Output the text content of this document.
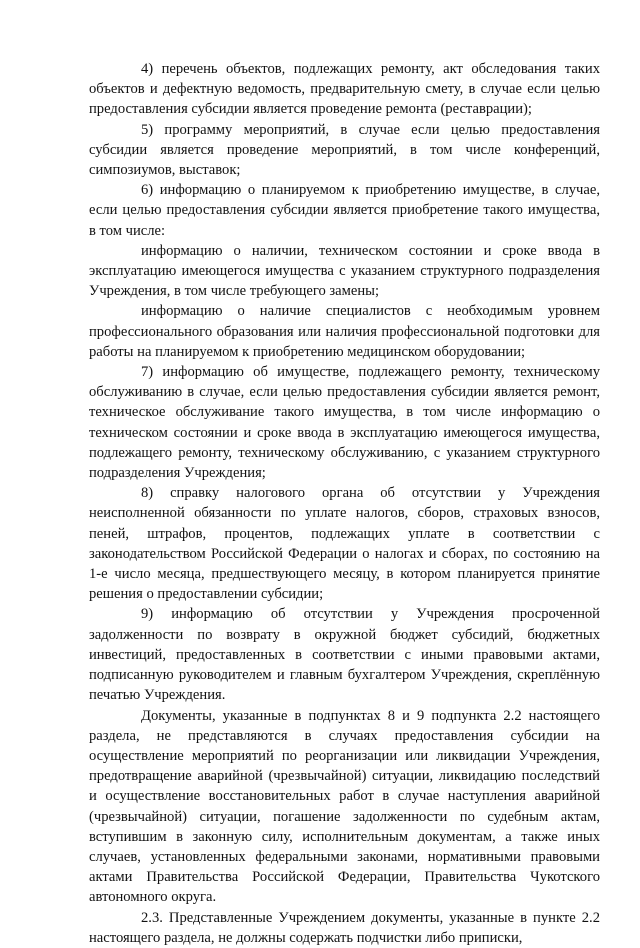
4) перечень объектов, подлежащих ремонту, акт обследования таких объектов и дефектную ведомость, предварительную смету, в случае если целью предоставления субсидии является проведение ремонта (реставрации);

5) программу мероприятий, в случае если целью предоставления субсидии является проведение мероприятий, в том числе конференций, симпозиумов, выставок;

6) информацию о планируемом к приобретению имуществе, в случае, если целью предоставления субсидии является приобретение такого имущества, в том числе:

информацию о наличии, техническом состоянии и сроке ввода в эксплуатацию имеющегося имущества с указанием структурного подразделения Учреждения, в том числе требующего замены;

информацию о наличие специалистов с необходимым уровнем профессионального образования или наличия профессиональной подготовки для работы на планируемом к приобретению медицинском оборудовании;

7) информацию об имуществе, подлежащего ремонту, техническому обслуживанию в случае, если целью предоставления субсидии является ремонт, техническое обслуживание такого имущества, в том числе информацию о техническом состоянии и сроке ввода в эксплуатацию имеющегося имущества, подлежащего ремонту, техническому обслуживанию, с указанием структурного подразделения Учреждения;

8) справку налогового органа об отсутствии у Учреждения неисполненной обязанности по уплате налогов, сборов, страховых взносов, пеней, штрафов, процентов, подлежащих уплате в соответствии с законодательством Российской Федерации о налогах и сборах, по состоянию на 1-е число месяца, предшествующего месяцу, в котором планируется принятие решения о предоставлении субсидии;

9) информацию об отсутствии у Учреждения просроченной задолженности по возврату в окружной бюджет субсидий, бюджетных инвестиций, предоставленных в соответствии с иными правовыми актами, подписанную руководителем и главным бухгалтером Учреждения, скреплённую печатью Учреждения.

Документы, указанные в подпунктах 8 и 9 подпункта 2.2 настоящего раздела, не представляются в случаях предоставления субсидии на осуществление мероприятий по реорганизации или ликвидации Учреждения, предотвращение аварийной (чрезвычайной) ситуации, ликвидацию последствий и осуществление восстановительных работ в случае наступления аварийной (чрезвычайной) ситуации, погашение задолженности по судебным актам, вступившим в законную силу, исполнительным документам, а также иных случаев, установленных федеральными законами, нормативными правовыми актами Правительства Российской Федерации, Правительства Чукотского автономного округа.

2.3. Представленные Учреждением документы, указанные в пункте 2.2 настоящего раздела, не должны содержать подчистки либо приписки,
